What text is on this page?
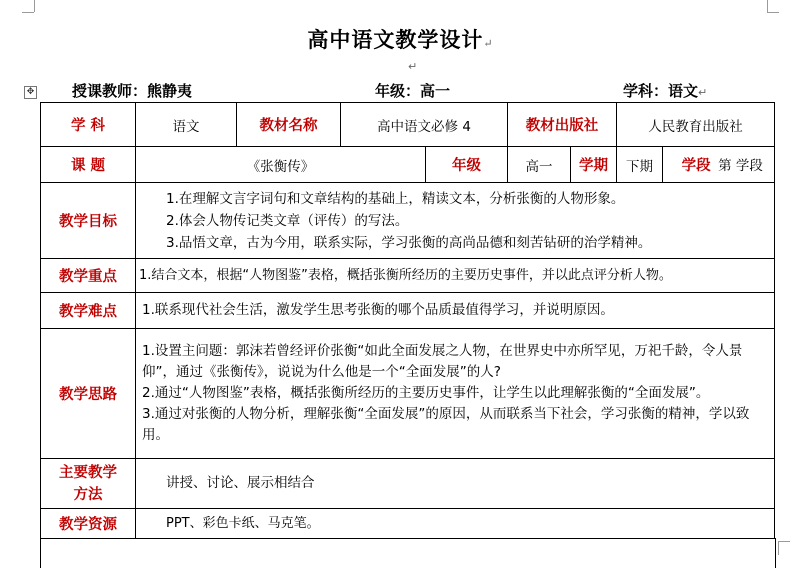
高中语文教学设计↵
↵
✥	授课教师：熊静夷	年级：高一	学科：语文↵
学 科	语文	教材名称	高中语文必修 4		教材出版社		人民教育出版社	
课 题	《张衡传》			年级	高一	学期	下期	学段 第 学段
教学目标	1.在理解文言字词句和文章结构的基础上，精读文本，分析张衡的人物形象。

2.体会人物传记类文章（评传）的写法。

3.品悟文章，古为今用，联系实际，学习张衡的高尚品德和刻苦钻研的治学精神。							

教学重点	1.结合文本，根据“人物图鉴”表格，概括张衡所经历的主要历史事件，并以此点评分析人物。							
教学难点	1.联系现代社会生活，激发学生思考张衡的哪个品质最值得学习，并说明原因。							
教学思路	1.设置主问题：郭沫若曾经评价张衡“如此全面发展之人物，在世界史中亦所罕见，万祀千龄，令人景仰”，通过《张衡传》，说说为什么他是一个“全面发展”的人?

2.通过“人物图鉴”表格，概括张衡所经历的主要历史事件，让学生以此理解张衡的“全面发展”。

3.通过对张衡的人物分析，理解张衡“全面发展”的原因，从而联系当下社会，学习张衡的精神，学以致用。							

主要教学
方法	讲授、讨论、展示相结合							
教学资源	PPT、彩色卡纸、马克笔。							
